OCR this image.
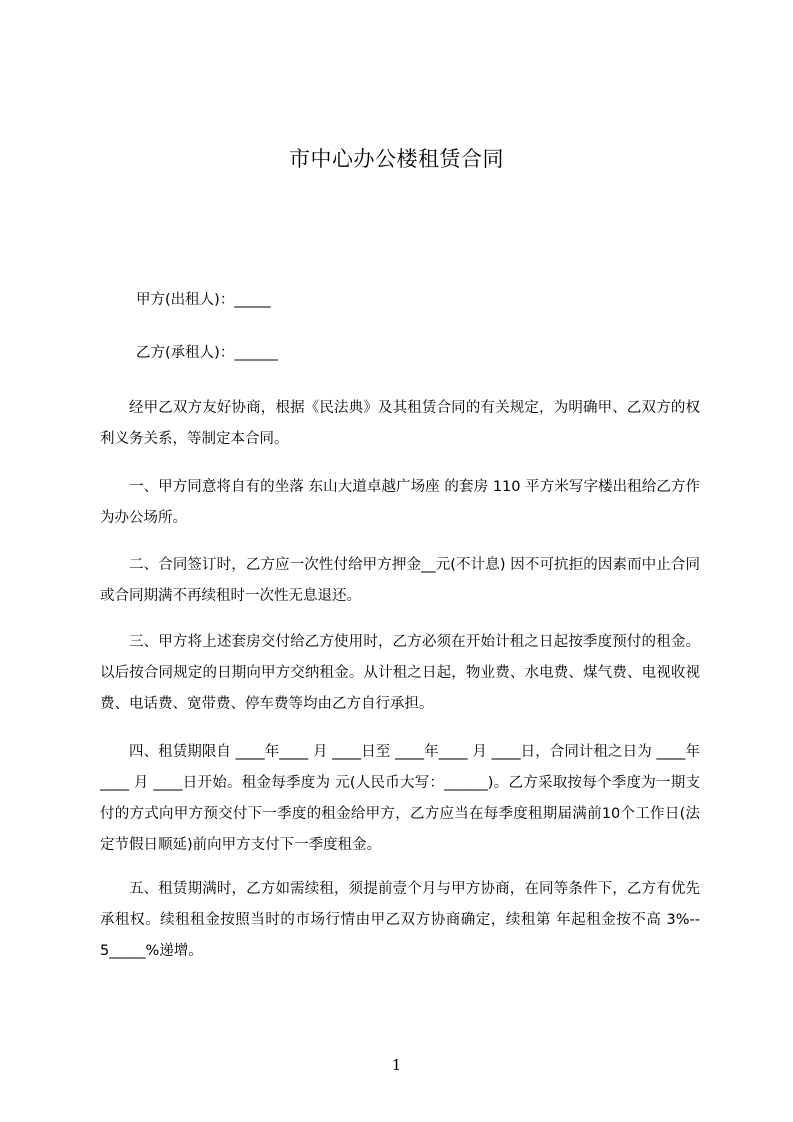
市中心办公楼租赁合同
甲方(出租人)：_____
乙方(承租人)：______
经甲乙双方友好协商，根据《民法典》及其租赁合同的有关规定，为明确甲、乙双方的权利义务关系，等制定本合同。
一、甲方同意将自有的坐落 东山大道卓越广场座 的套房 110 平方米写字楼出租给乙方作为办公场所。
二、合同签订时，乙方应一次性付给甲方押金__元(不计息) 因不可抗拒的因素而中止合同或合同期满不再续租时一次性无息退还。
三、甲方将上述套房交付给乙方使用时，乙方必须在开始计租之日起按季度预付的租金。以后按合同规定的日期向甲方交纳租金。从计租之日起，物业费、水电费、煤气费、电视收视费、电话费、宽带费、停车费等均由乙方自行承担。
四、租赁期限自 ____年____ 月 ____日至 ____年____ 月 ____日，合同计租之日为 ____年____ 月 ____日开始。租金每季度为 元(人民币大写：______)。乙方采取按每个季度为一期支付的方式向甲方预交付下一季度的租金给甲方，乙方应当在每季度租期届满前10个工作日(法定节假日顺延)前向甲方支付下一季度租金。
五、租赁期满时，乙方如需续租，须提前壹个月与甲方协商，在同等条件下，乙方有优先承租权。续租租金按照当时的市场行情由甲乙双方协商确定，续租第 年起租金按不高 3%-- 5_____%递增。
1
